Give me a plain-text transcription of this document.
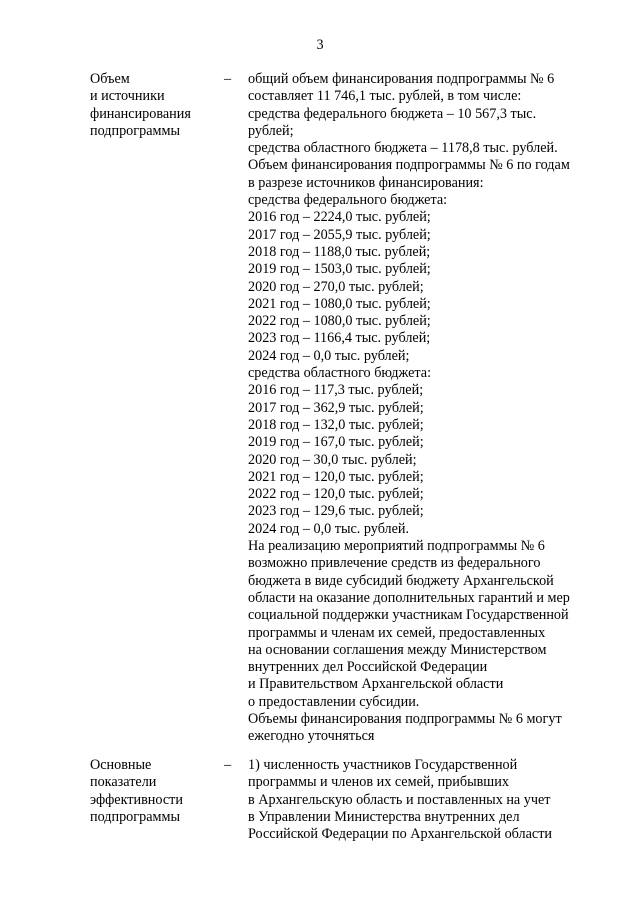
3
Объем
и источники
финансирования
подпрограммы
–	общий объем финансирования подпрограммы № 6
составляет 11 746,1 тыс. рублей, в том числе:
средства федерального бюджета – 10 567,3 тыс.
рублей;
средства областного бюджета – 1178,8 тыс. рублей.
Объем финансирования подпрограммы № 6 по годам
в разрезе источников финансирования:
средства федерального бюджета:
2016 год – 2224,0 тыс. рублей;
2017 год – 2055,9 тыс. рублей;
2018 год – 1188,0 тыс. рублей;
2019 год – 1503,0 тыс. рублей;
2020 год – 270,0 тыс. рублей;
2021 год – 1080,0 тыс. рублей;
2022 год – 1080,0 тыс. рублей;
2023 год – 1166,4 тыс. рублей;
2024 год – 0,0 тыс. рублей;
средства областного бюджета:
2016 год – 117,3 тыс. рублей;
2017 год – 362,9 тыс. рублей;
2018 год – 132,0 тыс. рублей;
2019 год – 167,0 тыс. рублей;
2020 год – 30,0 тыс. рублей;
2021 год – 120,0 тыс. рублей;
2022 год – 120,0 тыс. рублей;
2023 год – 129,6 тыс. рублей;
2024 год – 0,0 тыс. рублей.
На реализацию мероприятий подпрограммы № 6
возможно привлечение средств из федерального
бюджета в виде субсидий бюджету Архангельской
области на оказание дополнительных гарантий и мер
социальной поддержки участникам Государственной
программы и членам их семей, предоставленных
на основании соглашения между Министерством
внутренних дел Российской Федерации
и Правительством Архангельской области
о предоставлении субсидии.
Объемы финансирования подпрограммы № 6 могут
ежегодно уточняться
Основные
показатели
эффективности
подпрограммы
–	1) численность участников Государственной
программы и членов их семей, прибывших
в Архангельскую область и поставленных на учет
в Управлении Министерства внутренних дел
Российской Федерации по Архангельской области
